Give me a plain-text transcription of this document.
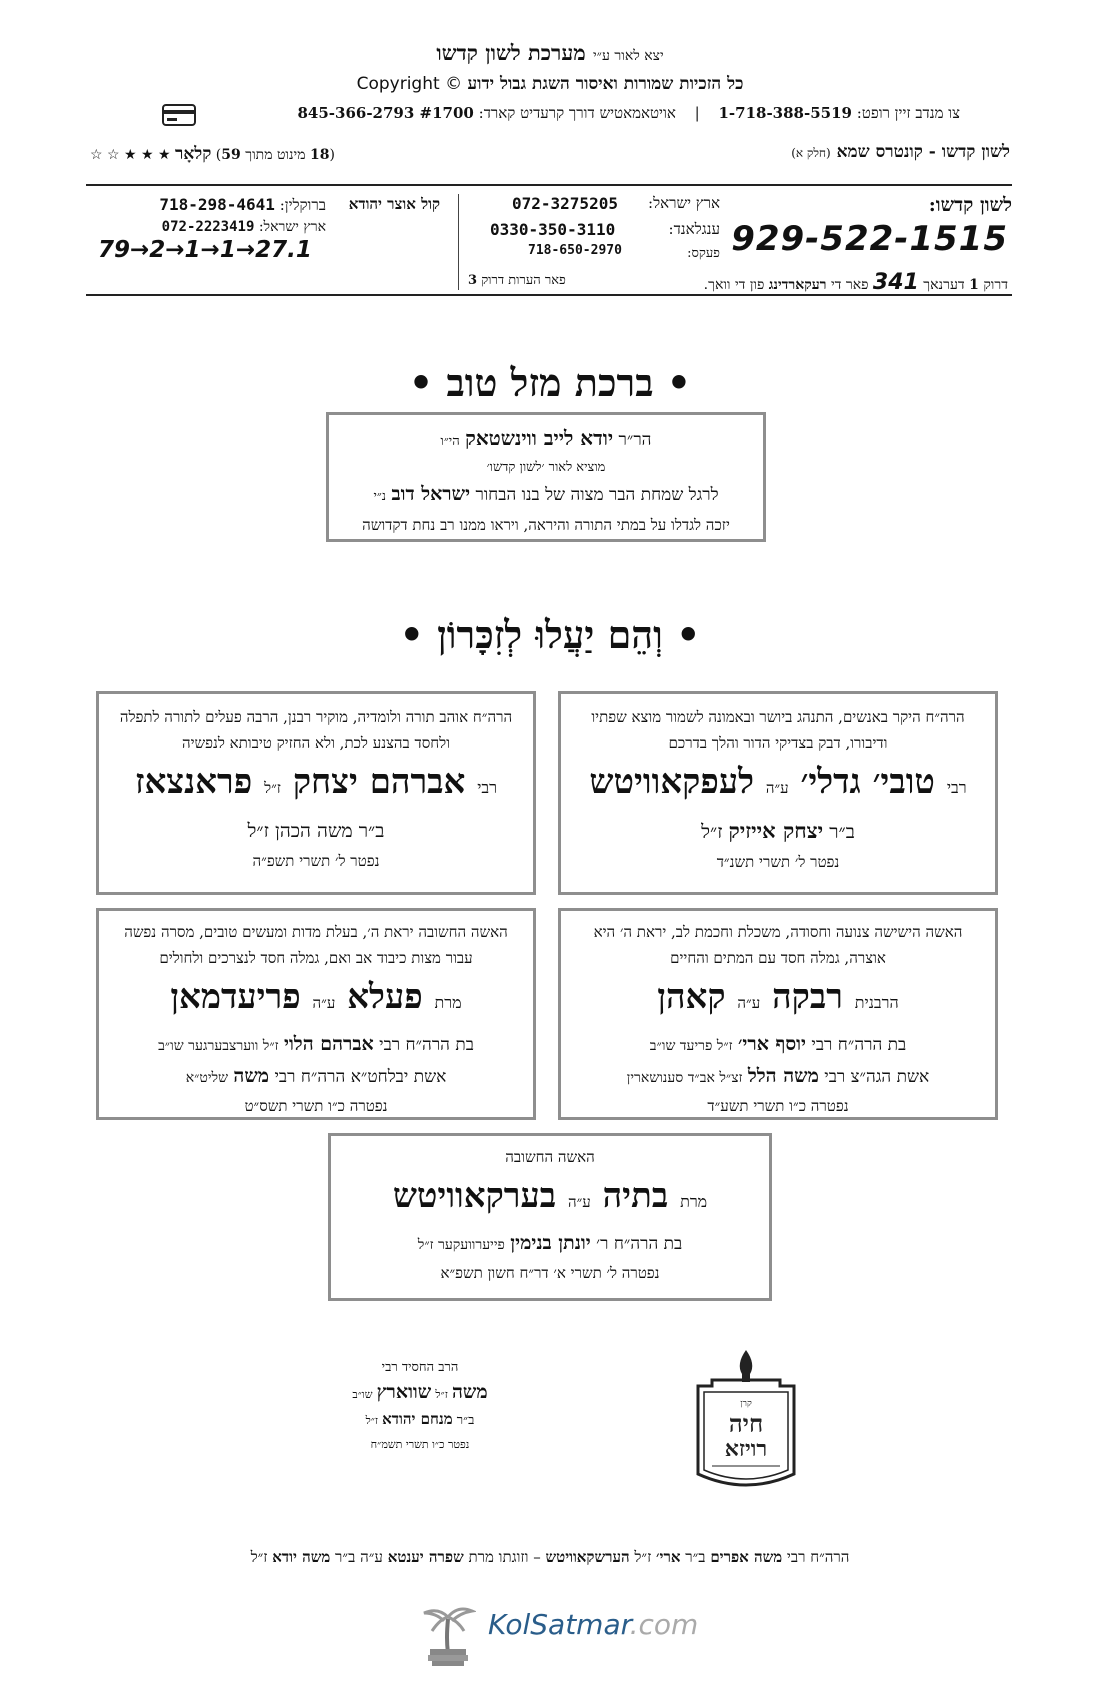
יצא לאור ע״י מערכת לשון קדשו
כל הזכיות שמורות ואיסור השגת גבול ידוע Copyright ©
צו מנדב זיין רופט: 1-718-388-5519 | אויטאמאטיש דורך קרעדיט קארד: 845-366-2793 #1700
לשון קדשו - קונטרס שמא (חלק א)
(18 מינוט מתוך 59) קלאָר ★ ★ ★ ☆ ☆
לשון קדשו:
929-522-1515
דרוק 1 דערנאך 341 פאר די רעקארדינג פון די וואך.
ארץ ישראל:
072-3275205
ענגלאנד:
0330-350-3110
פעקס:
718-650-2970
פאר הערות דרוק 3
קול אוצר יהודא
ברוקלין: 718-298-4641
ארץ ישראל: 072-2223419
79→2→1→1→27.1
• ברכת מזל טוב •
הר״ר יודא לייב ווינשטאק הי״ו
מוציא לאור ׳לשון קדשו׳
לרגל שמחת הבר מצוה של בנו הבחור ישראל דוב נ״י
יזכה לגדלו על במתי התורה והיראה, ויראו ממנו רב נחת דקדושה
• וְהֵם יַעֲלוּ לְזִכָּרוֹן •
הרה״ח היקר באנשים, התנהג ביושר ובאמונה לשמור מוצא שפתיו ודיבורו, דבק בצדיקי הדור והלך בדרכם
רבי טובי׳ גדלי׳ ע״ה לעפקאוויטש
ב״ר יצחק אייזיק ז״ל
נפטר ל׳ תשרי תשנ״ד
הרה״ח אוהב תורה ולומדיה, מוקיר רבנן, הרבה פעלים לתורה לתפלה ולחסד בהצנע לכת, ולא החזיק טיבותא לנפשיה
רבי אברהם יצחק ז״ל פראנצאז
ב״ר משה הכהן ז״ל
נפטר ל׳ תשרי תשפ״ה
האשה הישישה צנועה וחסודה, משכלת וחכמת לב, יראת ה׳ היא אוצרה, גמלה חסד עם המתים והחיים
הרבנית רבקה ע״ה קאהן
בת הרה״ח רבי יוסף ארי׳ ז״ל פריעד שו״ב
אשת הגה״צ רבי משה הלל זצ״ל אב״ד סענושארין
נפטרה כ״ו תשרי תשע״ד
האשה החשובה יראת ה׳, בעלת מדות ומעשים טובים, מסרה נפשה עבור מצות כיבוד אב ואם, גמלה חסד לנצרכים ולחולים
מרת פעלא ע״ה פריעדמאן
בת הרה״ח רבי אברהם הלוי ז״ל ווערצבערגער שו״ב
אשת יבלחט״א הרה״ח רבי משה שליט״א
נפטרה כ״ו תשרי תשס״ט
האשה החשובה
מרת בתיה ע״ה בערקאוויטש
בת הרה״ח ר׳ יונתן בנימין פייערוועקער ז״ל
נפטרה ל׳ תשרי א׳ דר״ח חשון תשפ״א
הרב החסיד רבי
משה ז״ל שווארץ שו״ב
ב״ר מנחם יהודא ז״ל
נפטר כ״ו תשרי תשמ״ח
קרן
חיה
רויזא
הרה״ח רבי משה אפרים ב״ר ארי׳ ז״ל הערשקאוויטש – וזוגתו מרת שפרה יענטא ע״ה ב״ר משה יודא ז״ל
KolSatmar.com
